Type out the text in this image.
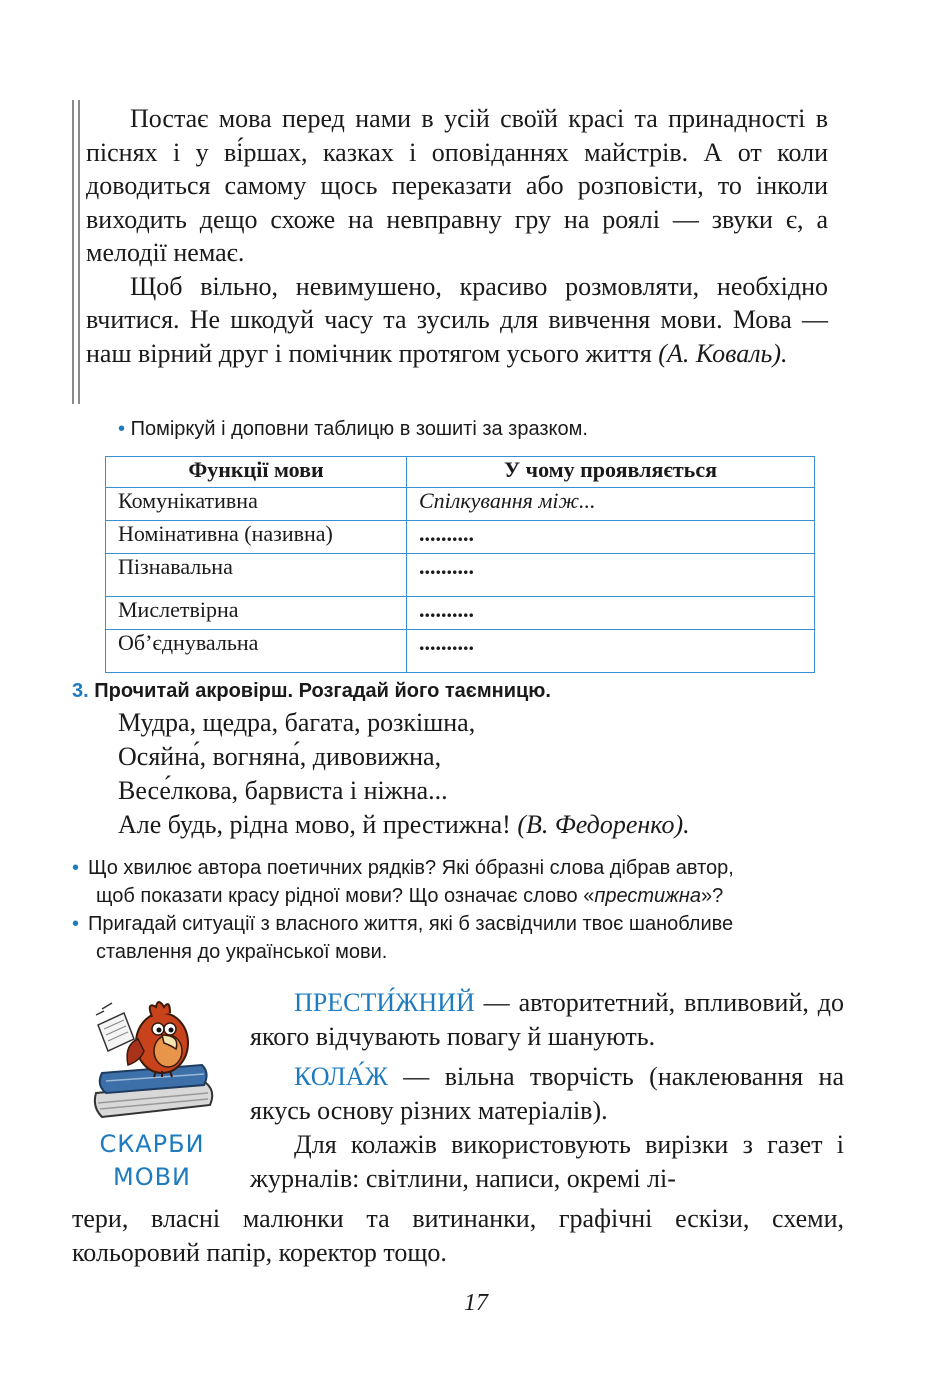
Постає мова перед нами в усій своїй красі та принадності в піснях і у ві́ршах, казках і оповіданнях майстрів. А от коли доводиться самому щось переказати або розповісти, то інколи виходить дещо схоже на невправну гру на роялі — звуки є, а мелодії немає.

Щоб вільно, невимушено, красиво розмовляти, необхідно вчитися. Не шкодуй часу та зусиль для вивчення мови. Мова — наш вірний друг і помічник протягом усього життя (А. Коваль).

• Поміркуй і доповни таблицю в зошиті за зразком.
Функції мови	У чому проявляється
Комунікативна	Спілкування між...
Номінативна (називна)	..........
Пізнавальна	..........
Мислетвірна	..........
Об’єднувальна	..........
3. Прочитай акровірш. Розгадай його таємницю.
Мудра, щедра, багата, розкішна,
Осяйна́, вогняна́, дивовижна,
Весе́лкова, барвиста і ніжна...
Але будь, рідна мово, й престижна! (В. Федоренко).
• Що хвилює автора поетичних рядків? Які о́бразні слова дібрав автор,
щоб показати красу рідної мови? Що означає слово «престижна»?
• Пригадай ситуації з власного життя, які б засвідчили твоє шанобливе
ставлення до української мови.
СКАРБИ
МОВИ

ПРЕСТИ́ЖНИЙ — авторитетний, впливовий, до якого відчувають повагу й шанують.

КОЛА́Ж — вільна творчість (наклеювання на якусь основу різних матеріалів).

Для колажів використовують вирізки з газет і журналів: світлини, написи, окремі лі-

тери, власні малюнки та витинанки, графічні ескізи, схеми, кольоровий папір, коректор тощо.
17
